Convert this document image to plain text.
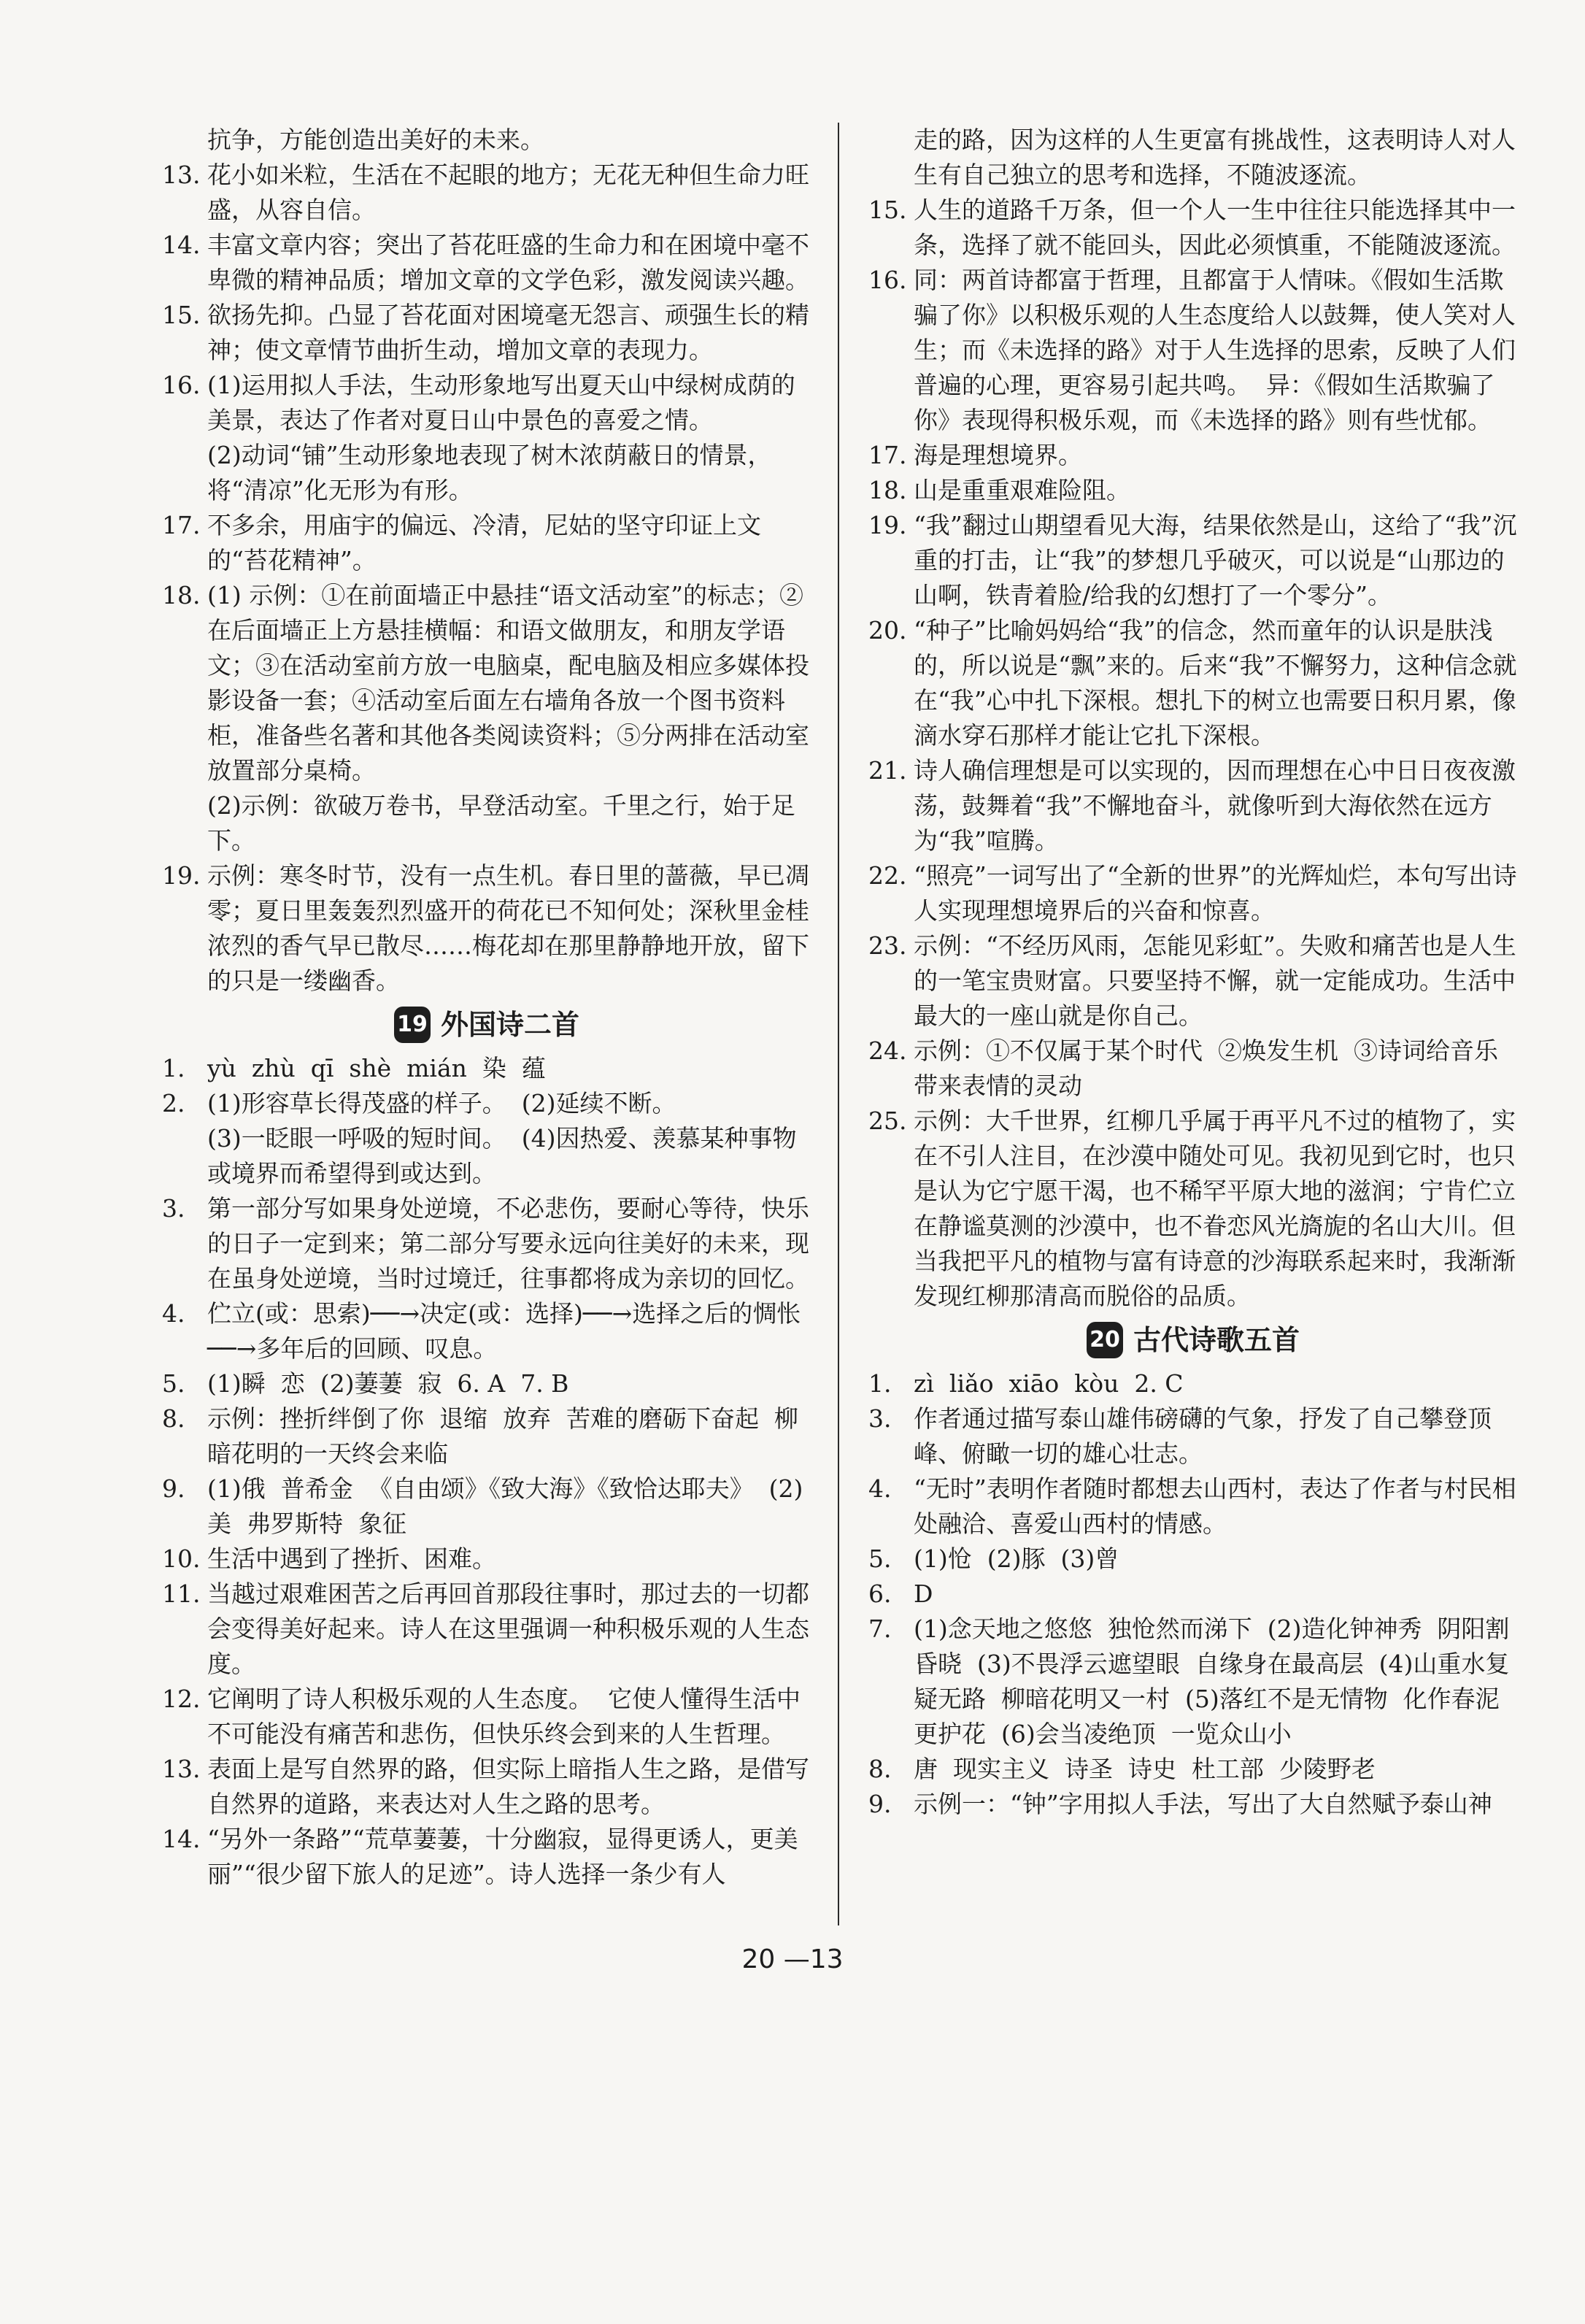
抗争，方能创造出美好的未来。
13. 花小如米粒，生活在不起眼的地方；无花无种但生命力旺盛，从容自信。
14. 丰富文章内容；突出了苔花旺盛的生命力和在困境中毫不卑微的精神品质；增加文章的文学色彩，激发阅读兴趣。
15. 欲扬先抑。凸显了苔花面对困境毫无怨言、顽强生长的精神；使文章情节曲折生动，增加文章的表现力。
16. (1)运用拟人手法，生动形象地写出夏天山中绿树成荫的美景，表达了作者对夏日山中景色的喜爱之情。
(2)动词“铺”生动形象地表现了树木浓荫蔽日的情景，将“清凉”化无形为有形。
17. 不多余，用庙宇的偏远、冷清，尼姑的坚守印证上文的“苔花精神”。
18. (1) 示例：①在前面墙正中悬挂“语文活动室”的标志；②在后面墙正上方悬挂横幅：和语文做朋友，和朋友学语文；③在活动室前方放一电脑桌，配电脑及相应多媒体投影设备一套；④活动室后面左右墙角各放一个图书资料柜，准备些名著和其他各类阅读资料；⑤分两排在活动室放置部分桌椅。
(2)示例：欲破万卷书，早登活动室。千里之行，始于足下。
19. 示例：寒冬时节，没有一点生机。春日里的蔷薇，早已凋零；夏日里轰轰烈烈盛开的荷花已不知何处；深秋里金桂浓烈的香气早已散尽……梅花却在那里静静地开放，留下的只是一缕幽香。
19 外国诗二首
1. yù  zhù  qī  shè  mián  染  蕴
2. (1)形容草长得茂盛的样子。  (2)延续不断。
(3)一眨眼一呼吸的短时间。  (4)因热爱、羡慕某种事物或境界而希望得到或达到。
3. 第一部分写如果身处逆境，不必悲伤，要耐心等待，快乐的日子一定到来；第二部分写要永远向往美好的未来，现在虽身处逆境，当时过境迁，往事都将成为亲切的回忆。
4. 伫立(或：思索)──→决定(或：选择)──→选择之后的惆怅──→多年后的回顾、叹息。
5. (1)瞬  恋  (2)萋萋  寂  6. A  7. B
8. 示例：挫折绊倒了你  退缩  放弃  苦难的磨砺下奋起  柳暗花明的一天终会来临
9. (1)俄  普希金  《自由颂》《致大海》《致恰达耶夫》  (2)美  弗罗斯特  象征
10. 生活中遇到了挫折、困难。
11. 当越过艰难困苦之后再回首那段往事时，那过去的一切都会变得美好起来。诗人在这里强调一种积极乐观的人生态度。
12. 它阐明了诗人积极乐观的人生态度。  它使人懂得生活中不可能没有痛苦和悲伤，但快乐终会到来的人生哲理。
13. 表面上是写自然界的路，但实际上暗指人生之路，是借写自然界的道路，来表达对人生之路的思考。
14. “另外一条路”“荒草萋萋，十分幽寂，显得更诱人，更美丽”“很少留下旅人的足迹”。诗人选择一条少有人
走的路，因为这样的人生更富有挑战性，这表明诗人对人生有自己独立的思考和选择，不随波逐流。
15. 人生的道路千万条，但一个人一生中往往只能选择其中一条，选择了就不能回头，因此必须慎重，不能随波逐流。
16. 同：两首诗都富于哲理，且都富于人情味。《假如生活欺骗了你》以积极乐观的人生态度给人以鼓舞，使人笑对人生；而《未选择的路》对于人生选择的思索，反映了人们普遍的心理，更容易引起共鸣。  异：《假如生活欺骗了你》表现得积极乐观，而《未选择的路》则有些忧郁。
17. 海是理想境界。
18. 山是重重艰难险阻。
19. “我”翻过山期望看见大海，结果依然是山，这给了“我”沉重的打击，让“我”的梦想几乎破灭，可以说是“山那边的山啊，铁青着脸/给我的幻想打了一个零分”。
20. “种子”比喻妈妈给“我”的信念，然而童年的认识是肤浅的，所以说是“飘”来的。后来“我”不懈努力，这种信念就在“我”心中扎下深根。想扎下的树立也需要日积月累，像滴水穿石那样才能让它扎下深根。
21. 诗人确信理想是可以实现的，因而理想在心中日日夜夜激荡，鼓舞着“我”不懈地奋斗，就像听到大海依然在远方为“我”喧腾。
22. “照亮”一词写出了“全新的世界”的光辉灿烂，本句写出诗人实现理想境界后的兴奋和惊喜。
23. 示例：“不经历风雨，怎能见彩虹”。失败和痛苦也是人生的一笔宝贵财富。只要坚持不懈，就一定能成功。生活中最大的一座山就是你自己。
24. 示例：①不仅属于某个时代  ②焕发生机  ③诗词给音乐带来表情的灵动
25. 示例：大千世界，红柳几乎属于再平凡不过的植物了，实在不引人注目，在沙漠中随处可见。我初见到它时，也只是认为它宁愿干渴，也不稀罕平原大地的滋润；宁肯伫立在静谧莫测的沙漠中，也不眷恋风光旖旎的名山大川。但当我把平凡的植物与富有诗意的沙海联系起来时，我渐渐发现红柳那清高而脱俗的品质。
20 古代诗歌五首
1. zì  liǎo  xiāo  kòu  2. C
3. 作者通过描写泰山雄伟磅礴的气象，抒发了自己攀登顶峰、俯瞰一切的雄心壮志。
4. “无时”表明作者随时都想去山西村，表达了作者与村民相处融洽、喜爱山西村的情感。
5. (1)怆  (2)豚  (3)曾
6. D
7. (1)念天地之悠悠  独怆然而涕下  (2)造化钟神秀  阴阳割昏晓  (3)不畏浮云遮望眼  自缘身在最高层  (4)山重水复疑无路  柳暗花明又一村  (5)落红不是无情物  化作春泥更护花  (6)会当凌绝顶  一览众山小
8. 唐  现实主义  诗圣  诗史  杜工部  少陵野老
9. 示例一：“钟”字用拟人手法，写出了大自然赋予泰山神
20 —13
